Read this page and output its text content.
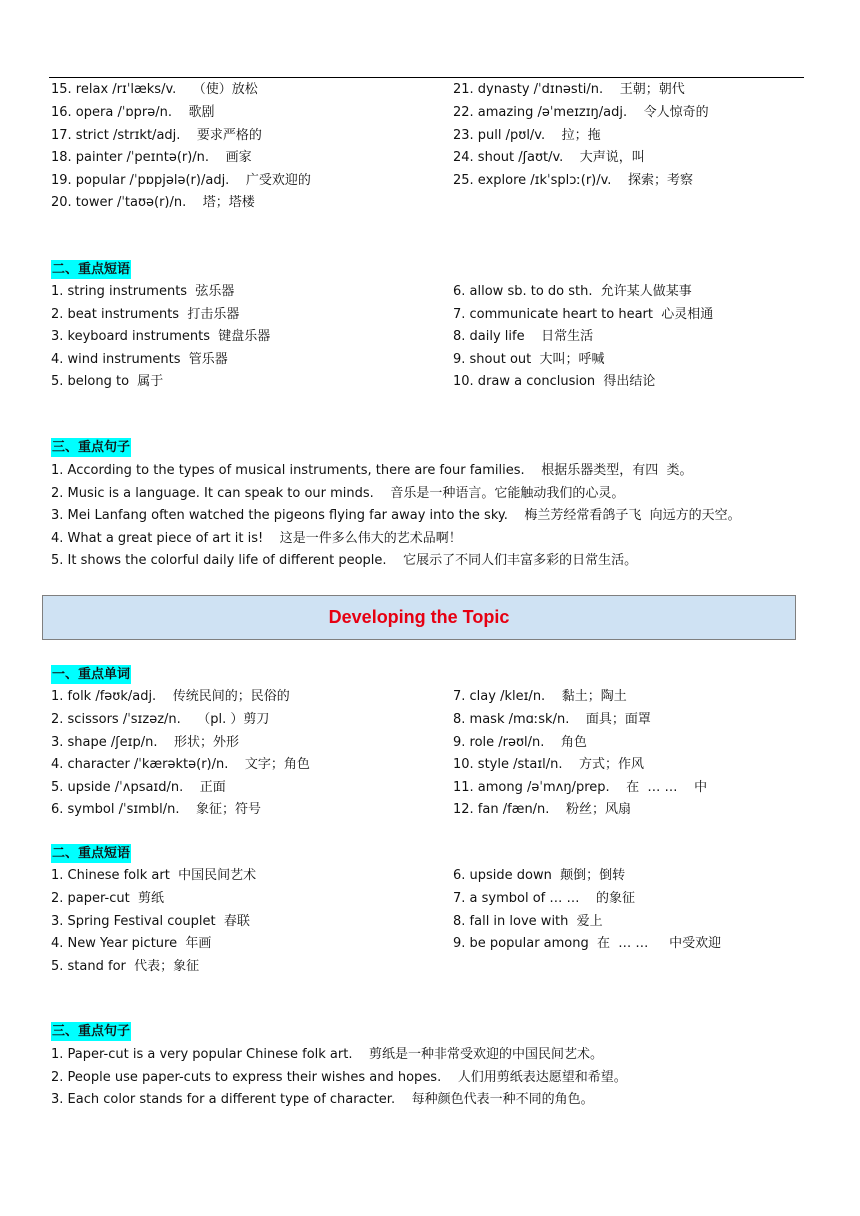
15. relax /rɪˈlæks/v.    （使）放松
16. opera /ˈɒprə/n.    歌剧
17. strict /strɪkt/adj.    要求严格的
18. painter /ˈpeɪntə(r)/n.    画家
19. popular /ˈpɒpjələ(r)/adj.    广受欢迎的
20. tower /ˈtaʊə(r)/n.    塔；塔楼
21. dynasty /ˈdɪnəsti/n.    王朝；朝代
22. amazing /əˈmeɪzɪŋ/adj.    令人惊奇的
23. pull /pʊl/v.    拉；拖
24. shout /ʃaʊt/v.    大声说，叫
25. explore /ɪkˈsplɔː(r)/v.    探索；考察
二、重点短语
1. string instruments  弦乐器
2. beat instruments  打击乐器
3. keyboard instruments  键盘乐器
4. wind instruments  管乐器
5. belong to  属于
6. allow sb. to do sth.  允许某人做某事
7. communicate heart to heart  心灵相通
8. daily life    日常生活
9. shout out  大叫；呼喊
10. draw a conclusion  得出结论
三、重点句子
1. According to the types of musical instruments, there are four families.    根据乐器类型，有四  类。
2. Music is a language. It can speak to our minds.    音乐是一种语言。它能触动我们的心灵。
3. Mei Lanfang often watched the pigeons flying far away into the sky.    梅兰芳经常看鸽子飞  向远方的天空。
4. What a great piece of art it is!    这是一件多么伟大的艺术品啊！
5. It shows the colorful daily life of different people.    它展示了不同人们丰富多彩的日常生活。
Developing the Topic
一、重点单词
1. folk /fəʊk/adj.    传统民间的；民俗的
2. scissors /ˈsɪzəz/n.    （pl. ）剪刀
3. shape /ʃeɪp/n.    形状；外形
4. character /ˈkærəktə(r)/n.    文字；角色
5. upside /ˈʌpsaɪd/n.    正面
6. symbol /ˈsɪmbl/n.    象征；符号
7. clay /kleɪ/n.    黏土；陶土
8. mask /mɑːsk/n.    面具；面罩
9. role /rəʊl/n.    角色
10. style /staɪl/n.    方式；作风
11. among /əˈmʌŋ/prep.    在  … …    中
12. fan /fæn/n.    粉丝；风扇
二、重点短语
1. Chinese folk art  中国民间艺术
2. paper-cut  剪纸
3. Spring Festival couplet  春联
4. New Year picture  年画
5. stand for  代表；象征
6. upside down  颠倒；倒转
7. a symbol of … …    的象征
8. fall in love with  爱上
9. be popular among  在  … …     中受欢迎
三、重点句子
1. Paper-cut is a very popular Chinese folk art.    剪纸是一种非常受欢迎的中国民间艺术。
2. People use paper-cuts to express their wishes and hopes.    人们用剪纸表达愿望和希望。
3. Each color stands for a different type of character.    每种颜色代表一种不同的角色。
